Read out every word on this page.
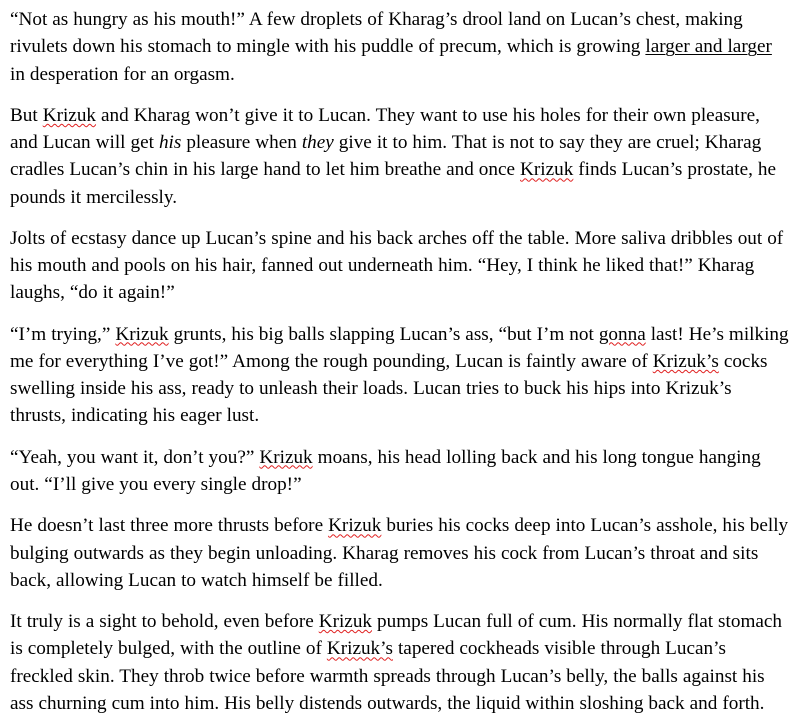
“Not as hungry as his mouth!” A few droplets of Kharag’s drool land on Lucan’s chest, making rivulets down his stomach to mingle with his puddle of precum, which is growing larger and larger in desperation for an orgasm.

But Krizuk and Kharag won’t give it to Lucan. They want to use his holes for their own pleasure, and Lucan will get his pleasure when they give it to him. That is not to say they are cruel; Kharag cradles Lucan’s chin in his large hand to let him breathe and once Krizuk finds Lucan’s prostate, he pounds it mercilessly.

Jolts of ecstasy dance up Lucan’s spine and his back arches off the table. More saliva dribbles out of his mouth and pools on his hair, fanned out underneath him. “Hey, I think he liked that!” Kharag laughs, “do it again!”

“I’m trying,” Krizuk grunts, his big balls slapping Lucan’s ass, “but I’m not gonna last! He’s milking me for everything I’ve got!” Among the rough pounding, Lucan is faintly aware of Krizuk’s cocks swelling inside his ass, ready to unleash their loads. Lucan tries to buck his hips into Krizuk’s thrusts, indicating his eager lust.

“Yeah, you want it, don’t you?” Krizuk moans, his head lolling back and his long tongue hanging out. “I’ll give you every single drop!”

He doesn’t last three more thrusts before Krizuk buries his cocks deep into Lucan’s asshole, his belly bulging outwards as they begin unloading. Kharag removes his cock from Lucan’s throat and sits back, allowing Lucan to watch himself be filled.

It truly is a sight to behold, even before Krizuk pumps Lucan full of cum. His normally flat stomach is completely bulged, with the outline of Krizuk’s tapered cockheads visible through Lucan’s freckled skin. They throb twice before warmth spreads through Lucan’s belly, the balls against his ass churning cum into him. His belly distends outwards, the liquid within sloshing back and forth.
